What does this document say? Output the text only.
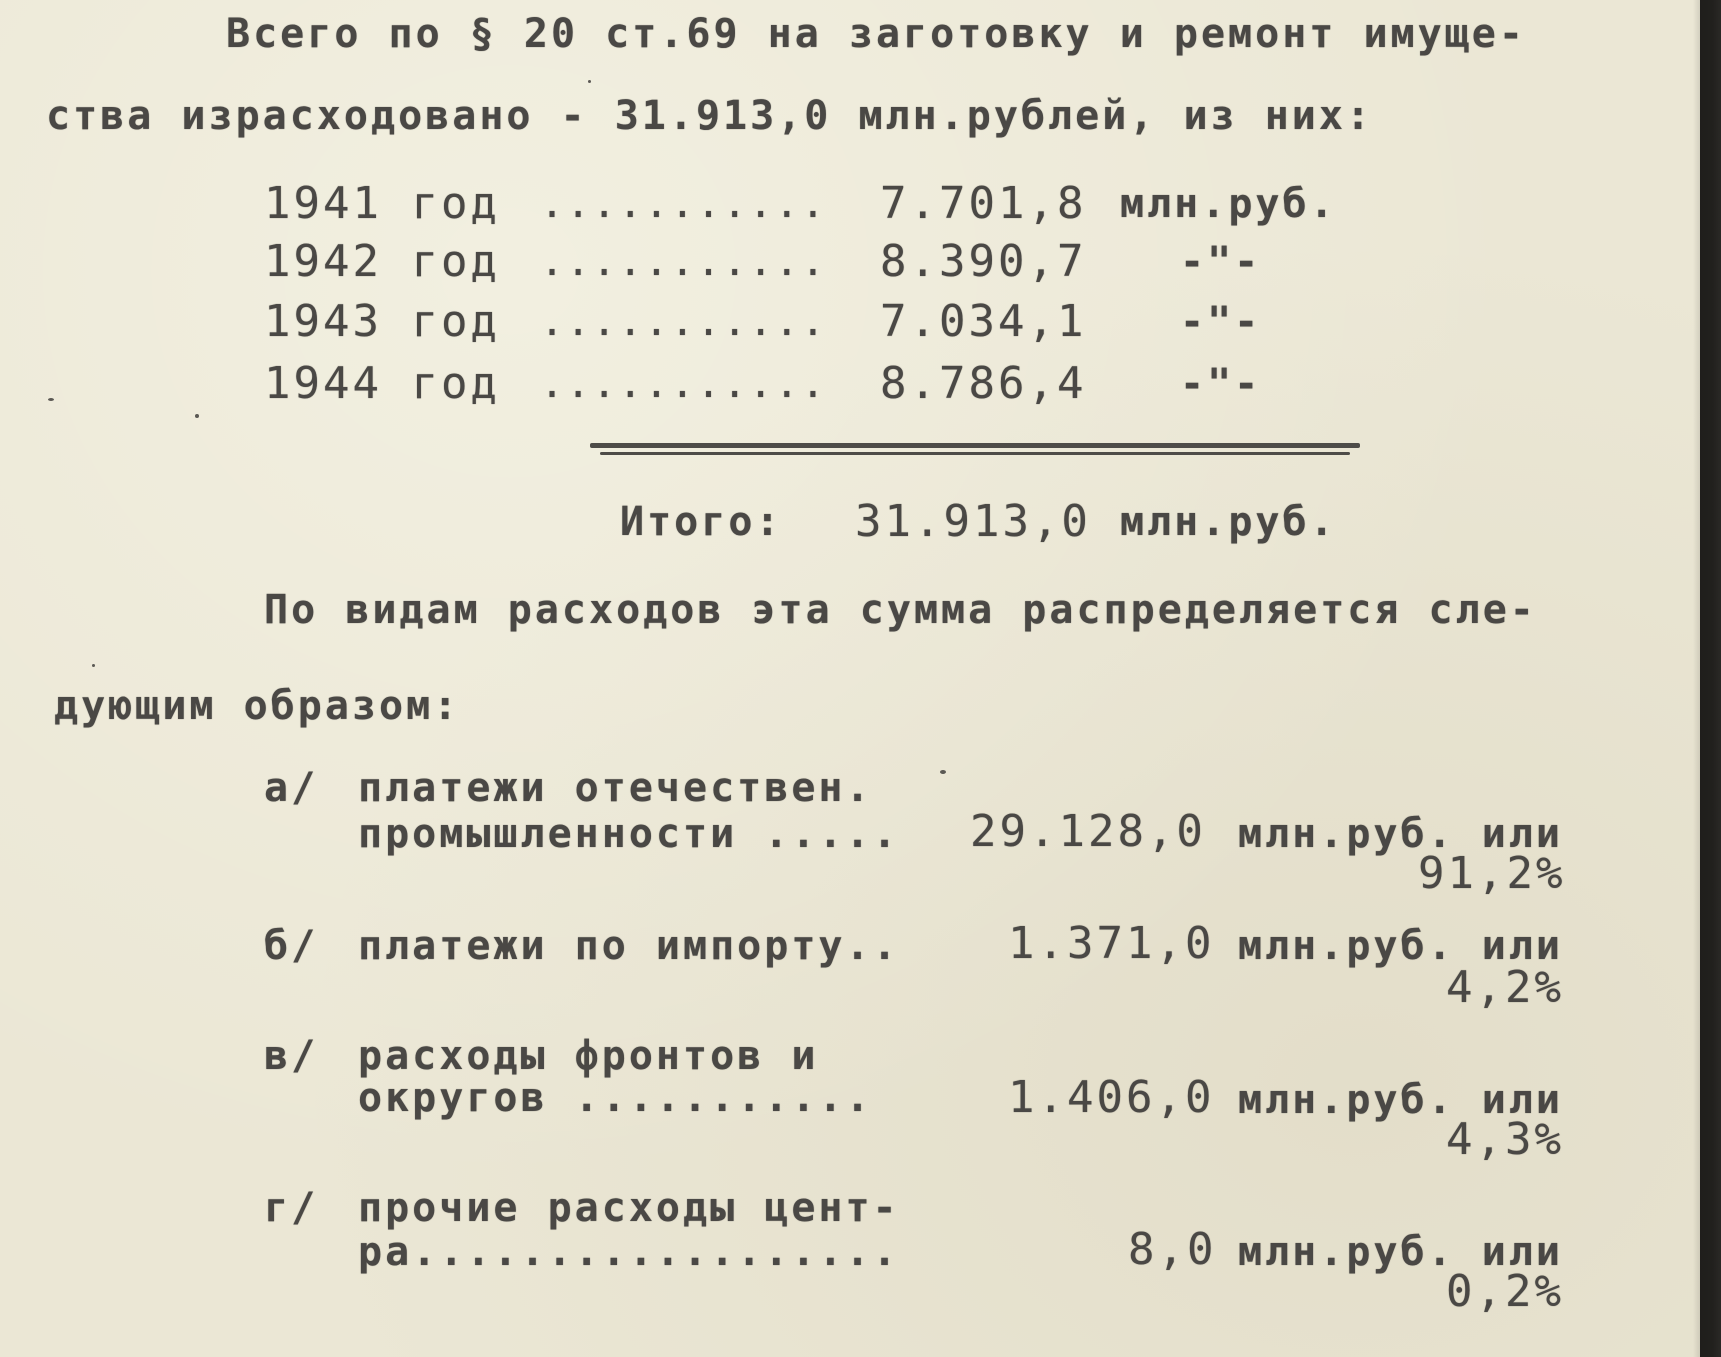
Всего по § 20 ст.69 на заготовку и ремонт имуще-
ства израсходовано - 31.913,0 млн.рублей, из них:
1941 год ........... 7.701,8 млн.руб.
1942 год ........... 8.390,7 -"-
1943 год ........... 7.034,1 -"-
1944 год ........... 8.786,4 -"-
Итого: 31.913,0 млн.руб.
По видам расходов эта сумма распределяется сле-
дующим образом:
а/ платежи отечествен.
промышленности ..... 29.128,0 млн.руб. или
91,2%
б/ платежи по импорту.. 1.371,0 млн.руб. или
4,2%
в/ расходы фронтов и
округов ...........	1.406,0 млн.руб. или
4,3%
г/ прочие расходы цент-
ра..................	8,0 млн.руб. или
0,2%
